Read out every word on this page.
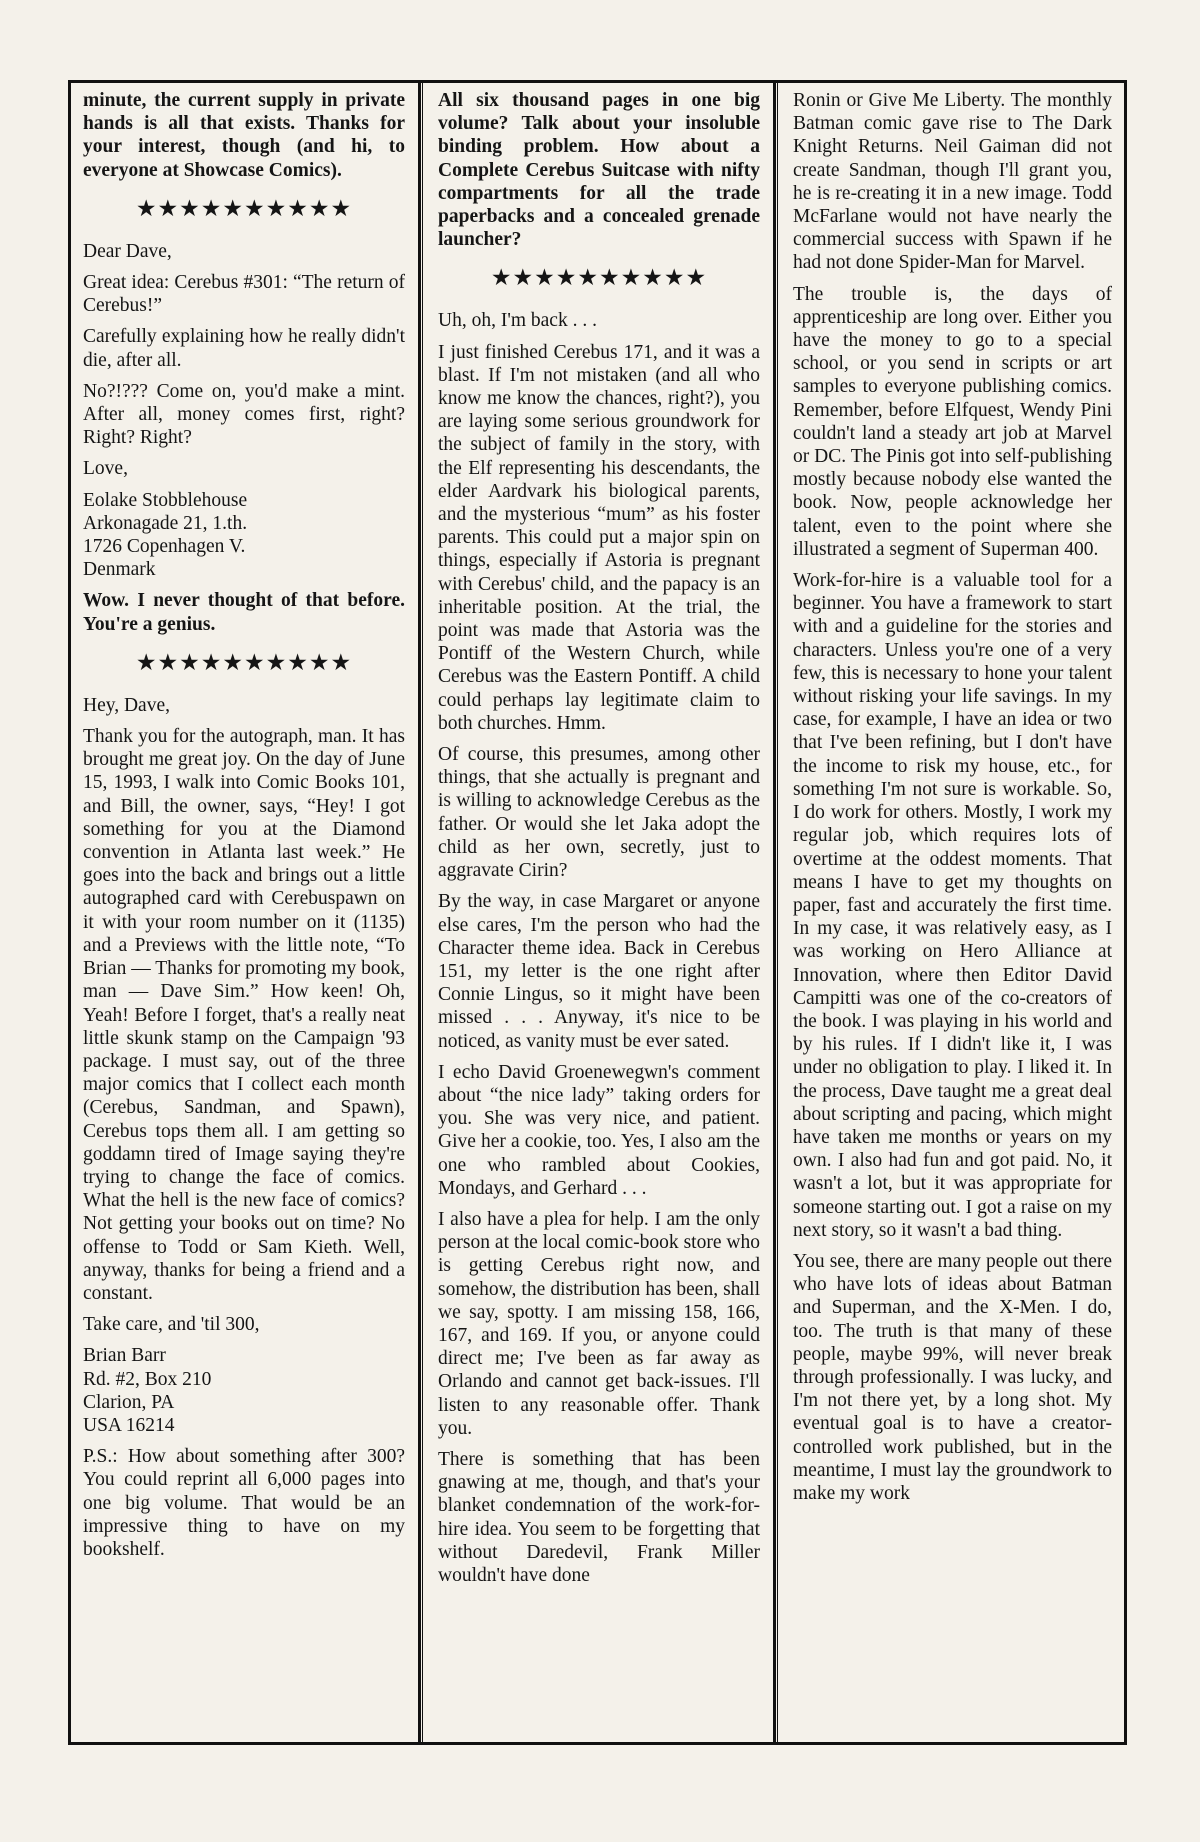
minute, the current supply in private hands is all that exists. Thanks for your interest, though (and hi, to everyone at Showcase Comics).

★★★★★★★★★★

Dear Dave,

Great idea: Cerebus #301: “The return of Cerebus!”

Carefully explaining how he really didn't die, after all.

No?!??? Come on, you'd make a mint. After all, money comes first, right? Right? Right?

Love,

Eolake Stobblehouse
Arkonagade 21, 1.th.
1726 Copenhagen V.
Denmark

Wow. I never thought of that before. You're a genius.

★★★★★★★★★★

Hey, Dave,

Thank you for the autograph, man. It has brought me great joy. On the day of June 15, 1993, I walk into Comic Books 101, and Bill, the owner, says, “Hey! I got something for you at the Diamond convention in Atlanta last week.” He goes into the back and brings out a little autographed card with Cerebuspawn on it with your room number on it (1135) and a Previews with the little note, “To Brian — Thanks for promoting my book, man — Dave Sim.” How keen! Oh, Yeah! Before I forget, that's a really neat little skunk stamp on the Campaign '93 package. I must say, out of the three major comics that I collect each month (Cerebus, Sandman, and Spawn), Cerebus tops them all. I am getting so goddamn tired of Image saying they're trying to change the face of comics. What the hell is the new face of comics? Not getting your books out on time? No offense to Todd or Sam Kieth. Well, anyway, thanks for being a friend and a constant.

Take care, and 'til 300,

Brian Barr
Rd. #2, Box 210
Clarion, PA
USA 16214

P.S.: How about something after 300? You could reprint all 6,000 pages into one big volume. That would be an impressive thing to have on my bookshelf.

All six thousand pages in one big volume? Talk about your insoluble binding problem. How about a Complete Cerebus Suitcase with nifty compartments for all the trade paperbacks and a concealed grenade launcher?

★★★★★★★★★★

Uh, oh, I'm back . . .

I just finished Cerebus 171, and it was a blast. If I'm not mistaken (and all who know me know the chances, right?), you are laying some serious groundwork for the subject of family in the story, with the Elf representing his descendants, the elder Aardvark his biological parents, and the mysterious “mum” as his foster parents. This could put a major spin on things, especially if Astoria is pregnant with Cerebus' child, and the papacy is an inheritable position. At the trial, the point was made that Astoria was the Pontiff of the Western Church, while Cerebus was the Eastern Pontiff. A child could perhaps lay legitimate claim to both churches. Hmm.

Of course, this presumes, among other things, that she actually is pregnant and is willing to acknowledge Cerebus as the father. Or would she let Jaka adopt the child as her own, secretly, just to aggravate Cirin?

By the way, in case Margaret or anyone else cares, I'm the person who had the Character theme idea. Back in Cerebus 151, my letter is the one right after Connie Lingus, so it might have been missed . . . Anyway, it's nice to be noticed, as vanity must be ever sated.

I echo David Groenewegwn's comment about “the nice lady” taking orders for you. She was very nice, and patient. Give her a cookie, too. Yes, I also am the one who rambled about Cookies, Mondays, and Gerhard . . .

I also have a plea for help. I am the only person at the local comic-book store who is getting Cerebus right now, and somehow, the distribution has been, shall we say, spotty. I am missing 158, 166, 167, and 169. If you, or anyone could direct me; I've been as far away as Orlando and cannot get back-issues. I'll listen to any reasonable offer. Thank you.

There is something that has been gnawing at me, though, and that's your blanket condemnation of the work-for-hire idea. You seem to be forgetting that without Daredevil, Frank Miller wouldn't have done

Ronin or Give Me Liberty. The monthly Batman comic gave rise to The Dark Knight Returns. Neil Gaiman did not create Sandman, though I'll grant you, he is re-creating it in a new image. Todd McFarlane would not have nearly the commercial success with Spawn if he had not done Spider-Man for Marvel.

The trouble is, the days of apprenticeship are long over. Either you have the money to go to a special school, or you send in scripts or art samples to everyone publishing comics. Remember, before Elfquest, Wendy Pini couldn't land a steady art job at Marvel or DC. The Pinis got into self-publishing mostly because nobody else wanted the book. Now, people acknowledge her talent, even to the point where she illustrated a segment of Superman 400.

Work-for-hire is a valuable tool for a beginner. You have a framework to start with and a guideline for the stories and characters. Unless you're one of a very few, this is necessary to hone your talent without risking your life savings. In my case, for example, I have an idea or two that I've been refining, but I don't have the income to risk my house, etc., for something I'm not sure is workable. So, I do work for others. Mostly, I work my regular job, which requires lots of overtime at the oddest moments. That means I have to get my thoughts on paper, fast and accurately the first time. In my case, it was relatively easy, as I was working on Hero Alliance at Innovation, where then Editor David Campitti was one of the co-creators of the book. I was playing in his world and by his rules. If I didn't like it, I was under no obligation to play. I liked it. In the process, Dave taught me a great deal about scripting and pacing, which might have taken me months or years on my own. I also had fun and got paid. No, it wasn't a lot, but it was appropriate for someone starting out. I got a raise on my next story, so it wasn't a bad thing.

You see, there are many people out there who have lots of ideas about Batman and Superman, and the X-Men. I do, too. The truth is that many of these people, maybe 99%, will never break through professionally. I was lucky, and I'm not there yet, by a long shot. My eventual goal is to have a creator-controlled work published, but in the meantime, I must lay the groundwork to make my work
